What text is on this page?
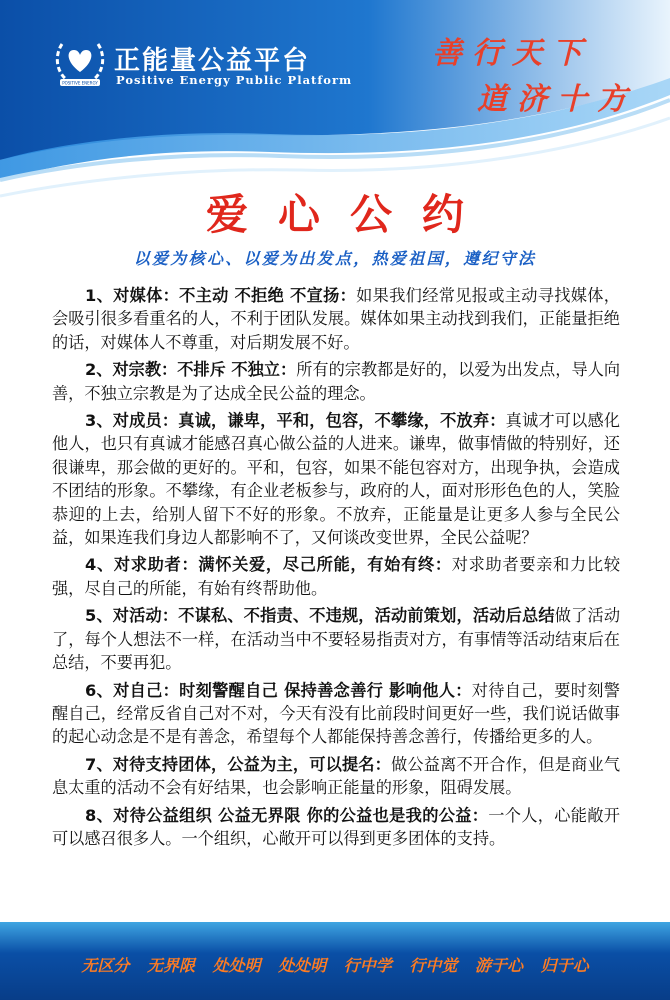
POSITIVE ENERGY
正能量公益平台
Positive Energy Public Platform
善行天下
道济十方
爱心公约
以爱为核心、以爱为出发点，热爱祖国，遵纪守法

1、对媒体：不主动 不拒绝 不宣扬：如果我们经常见报或主动寻找媒体，会吸引很多看重名的人，不利于团队发展。媒体如果主动找到我们，正能量拒绝的话，对媒体人不尊重，对后期发展不好。

2、对宗教：不排斥 不独立：所有的宗教都是好的，以爱为出发点，导人向善，不独立宗教是为了达成全民公益的理念。

3、对成员：真诚，谦卑，平和，包容，不攀缘，不放弃：真诚才可以感化他人，也只有真诚才能感召真心做公益的人进来。谦卑，做事情做的特别好，还很谦卑，那会做的更好的。平和，包容，如果不能包容对方，出现争执，会造成不团结的形象。不攀缘，有企业老板参与，政府的人，面对形形色色的人，笑脸恭迎的上去，给别人留下不好的形象。不放弃，正能量是让更多人参与全民公益，如果连我们身边人都影响不了，又何谈改变世界，全民公益呢？

4、对求助者：满怀关爱，尽己所能，有始有终：对求助者要亲和力比较强，尽自己的所能，有始有终帮助他。

5、对活动：不谋私、不指责、不违规，活动前策划，活动后总结做了活动了，每个人想法不一样，在活动当中不要轻易指责对方，有事情等活动结束后在总结，不要再犯。

6、对自己：时刻警醒自己 保持善念善行 影响他人：对待自己，要时刻警醒自己，经常反省自己对不对，今天有没有比前段时间更好一些，我们说话做事的起心动念是不是有善念，希望每个人都能保持善念善行，传播给更多的人。

7、对待支持团体，公益为主，可以提名：做公益离不开合作，但是商业气息太重的活动不会有好结果，也会影响正能量的形象，阻碍发展。

8、对待公益组织 公益无界限 你的公益也是我的公益：一个人，心能敞开可以感召很多人。一个组织，心敞开可以得到更多团体的支持。

无区分 无界限 处处明 处处明 行中学 行中觉 游于心 归于心
